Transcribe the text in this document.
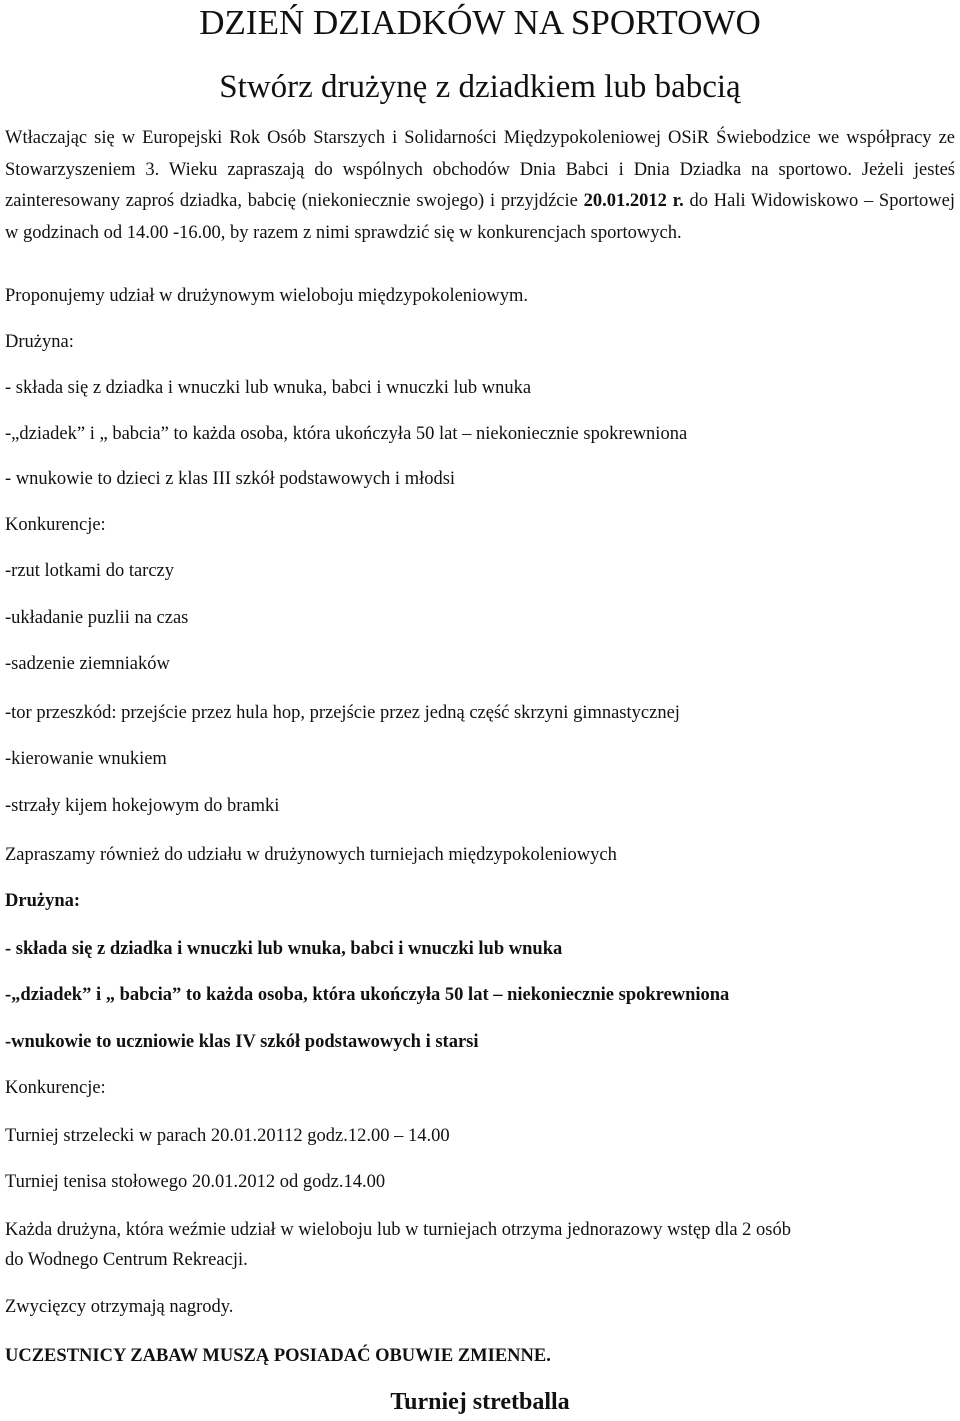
DZIEŃ DZIADKÓW NA SPORTOWO
Stwórz drużynę z dziadkiem lub babcią

Wtłaczając się w Europejski Rok Osób Starszych i Solidarności Międzypokoleniowej OSiR Świebodzice we współpracy ze Stowarzyszeniem 3. Wieku zapraszają do wspólnych obchodów Dnia Babci i Dnia Dziadka na sportowo. Jeżeli jesteś zainteresowany zaproś dziadka, babcię (niekoniecznie swojego) i przyjdźcie 20.01.2012 r. do Hali Widowiskowo – Sportowej w godzinach od 14.00 -16.00, by razem z nimi sprawdzić się w konkurencjach sportowych.

Proponujemy udział w drużynowym wieloboju międzypokoleniowym.

Drużyna:

- składa się z dziadka i wnuczki lub wnuka, babci i wnuczki lub wnuka

-„dziadek” i „ babcia” to każda osoba, która ukończyła 50 lat – niekoniecznie spokrewniona

- wnukowie to dzieci z klas III szkół podstawowych i młodsi

Konkurencje:

-rzut lotkami do tarczy

-układanie puzlii na czas

-sadzenie ziemniaków

-tor przeszkód: przejście przez hula hop, przejście przez jedną część skrzyni gimnastycznej

-kierowanie wnukiem

-strzały kijem hokejowym do bramki

Zapraszamy również do udziału w drużynowych turniejach międzypokoleniowych

Drużyna:

- składa się z dziadka i wnuczki lub wnuka, babci i wnuczki lub wnuka

-„dziadek” i „ babcia” to każda osoba, która ukończyła 50 lat – niekoniecznie spokrewniona

-wnukowie to uczniowie klas IV szkół podstawowych i starsi

Konkurencje:

Turniej strzelecki w parach 20.01.20112 godz.12.00 – 14.00

Turniej tenisa stołowego 20.01.2012 od godz.14.00

Każda drużyna, która weźmie udział w wieloboju lub w turniejach otrzyma jednorazowy wstęp dla 2 osób

do Wodnego Centrum Rekreacji.

Zwycięzcy otrzymają nagrody.

UCZESTNICY ZABAW MUSZĄ POSIADAĆ OBUWIE ZMIENNE.

Turniej stretballa
